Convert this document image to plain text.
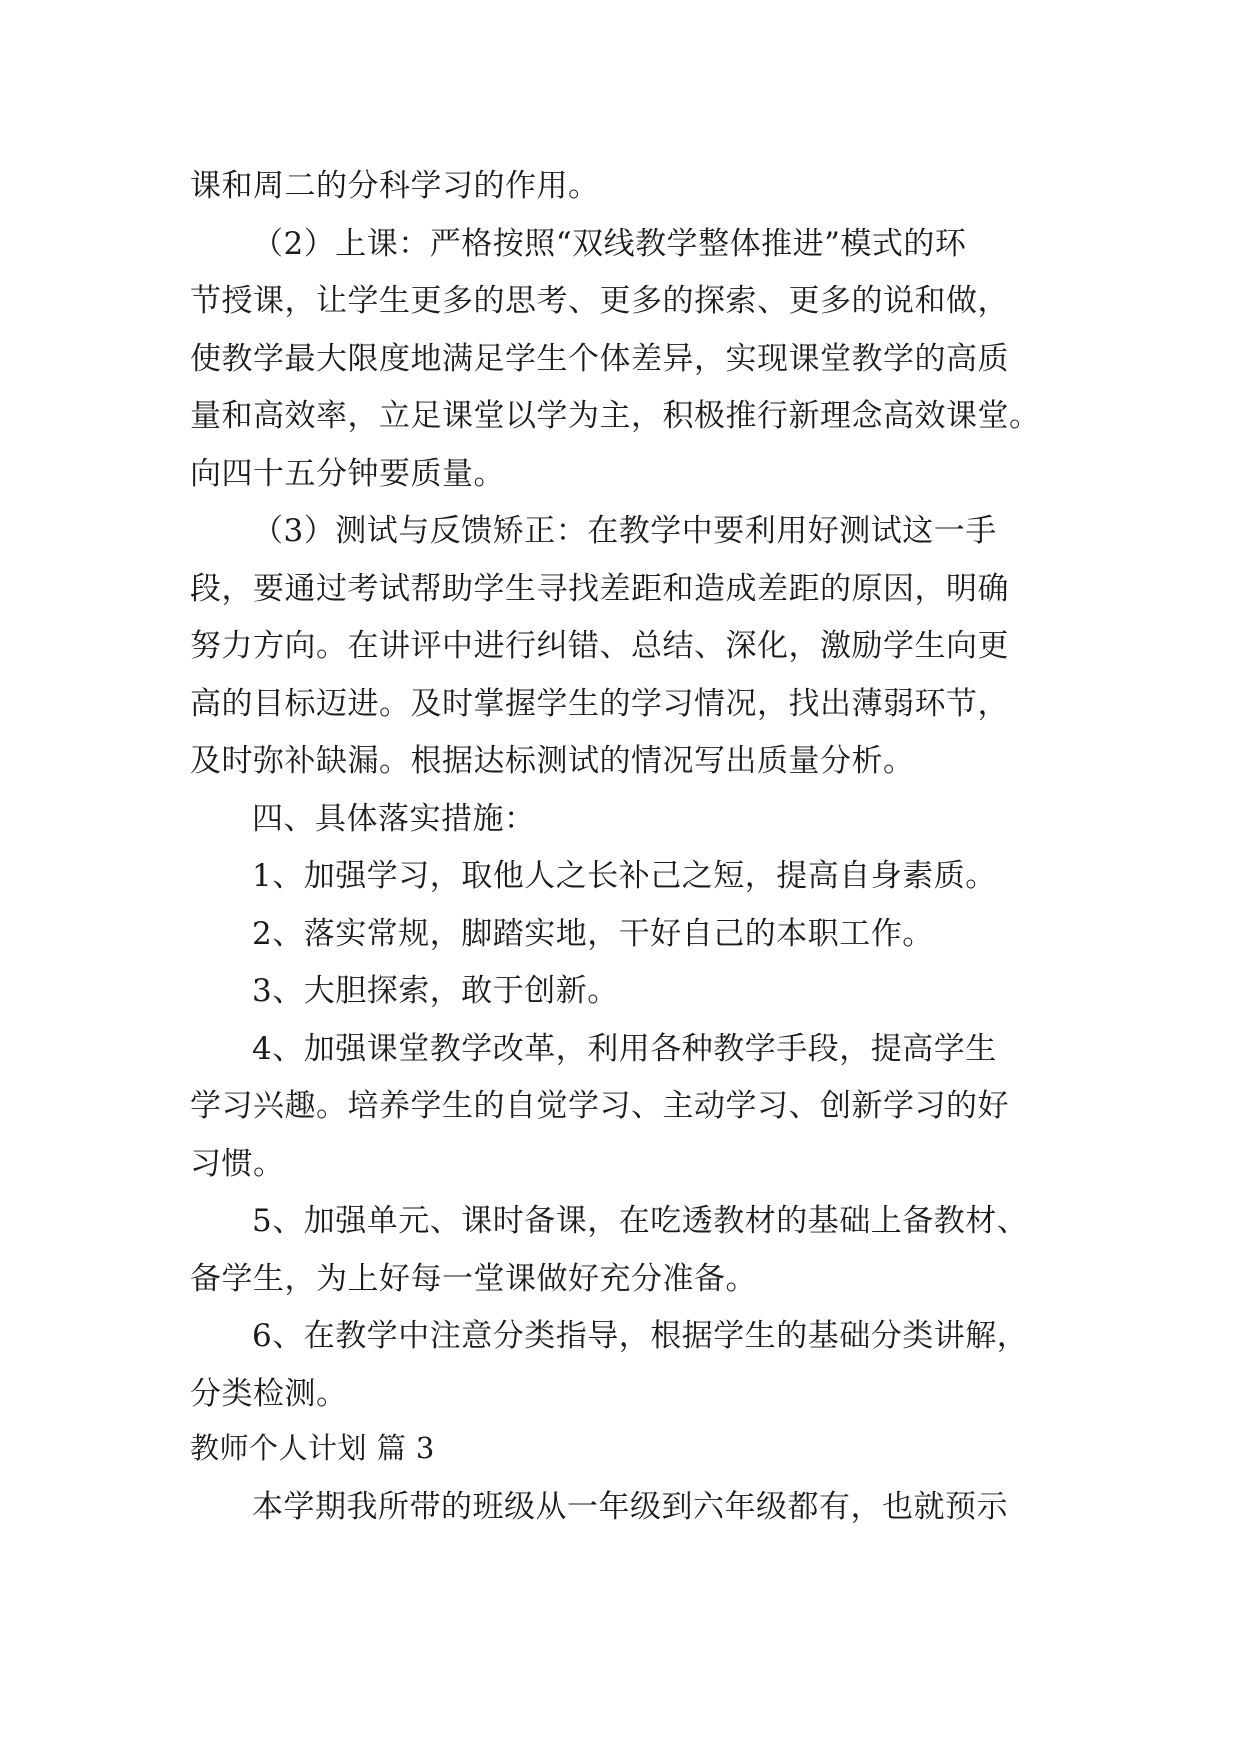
课和周二的分科学习的作用。
（2）上课：严格按照“双线教学整体推进”模式的环
节授课，让学生更多的思考、更多的探索、更多的说和做，
使教学最大限度地满足学生个体差异，实现课堂教学的高质
量和高效率，立足课堂以学为主，积极推行新理念高效课堂。
向四十五分钟要质量。
（3）测试与反馈矫正：在教学中要利用好测试这一手
段，要通过考试帮助学生寻找差距和造成差距的原因，明确
努力方向。在讲评中进行纠错、总结、深化，激励学生向更
高的目标迈进。及时掌握学生的学习情况，找出薄弱环节，
及时弥补缺漏。根据达标测试的情况写出质量分析。
四、具体落实措施：
1、加强学习，取他人之长补己之短，提高自身素质。
2、落实常规，脚踏实地，干好自己的本职工作。
3、大胆探索，敢于创新。
4、加强课堂教学改革，利用各种教学手段，提高学生
学习兴趣。培养学生的自觉学习、主动学习、创新学习的好
习惯。
5、加强单元、课时备课，在吃透教材的基础上备教材、
备学生，为上好每一堂课做好充分准备。
6、在教学中注意分类指导，根据学生的基础分类讲解，
分类检测。
教师个人计划 篇 3
本学期我所带的班级从一年级到六年级都有，也就预示
